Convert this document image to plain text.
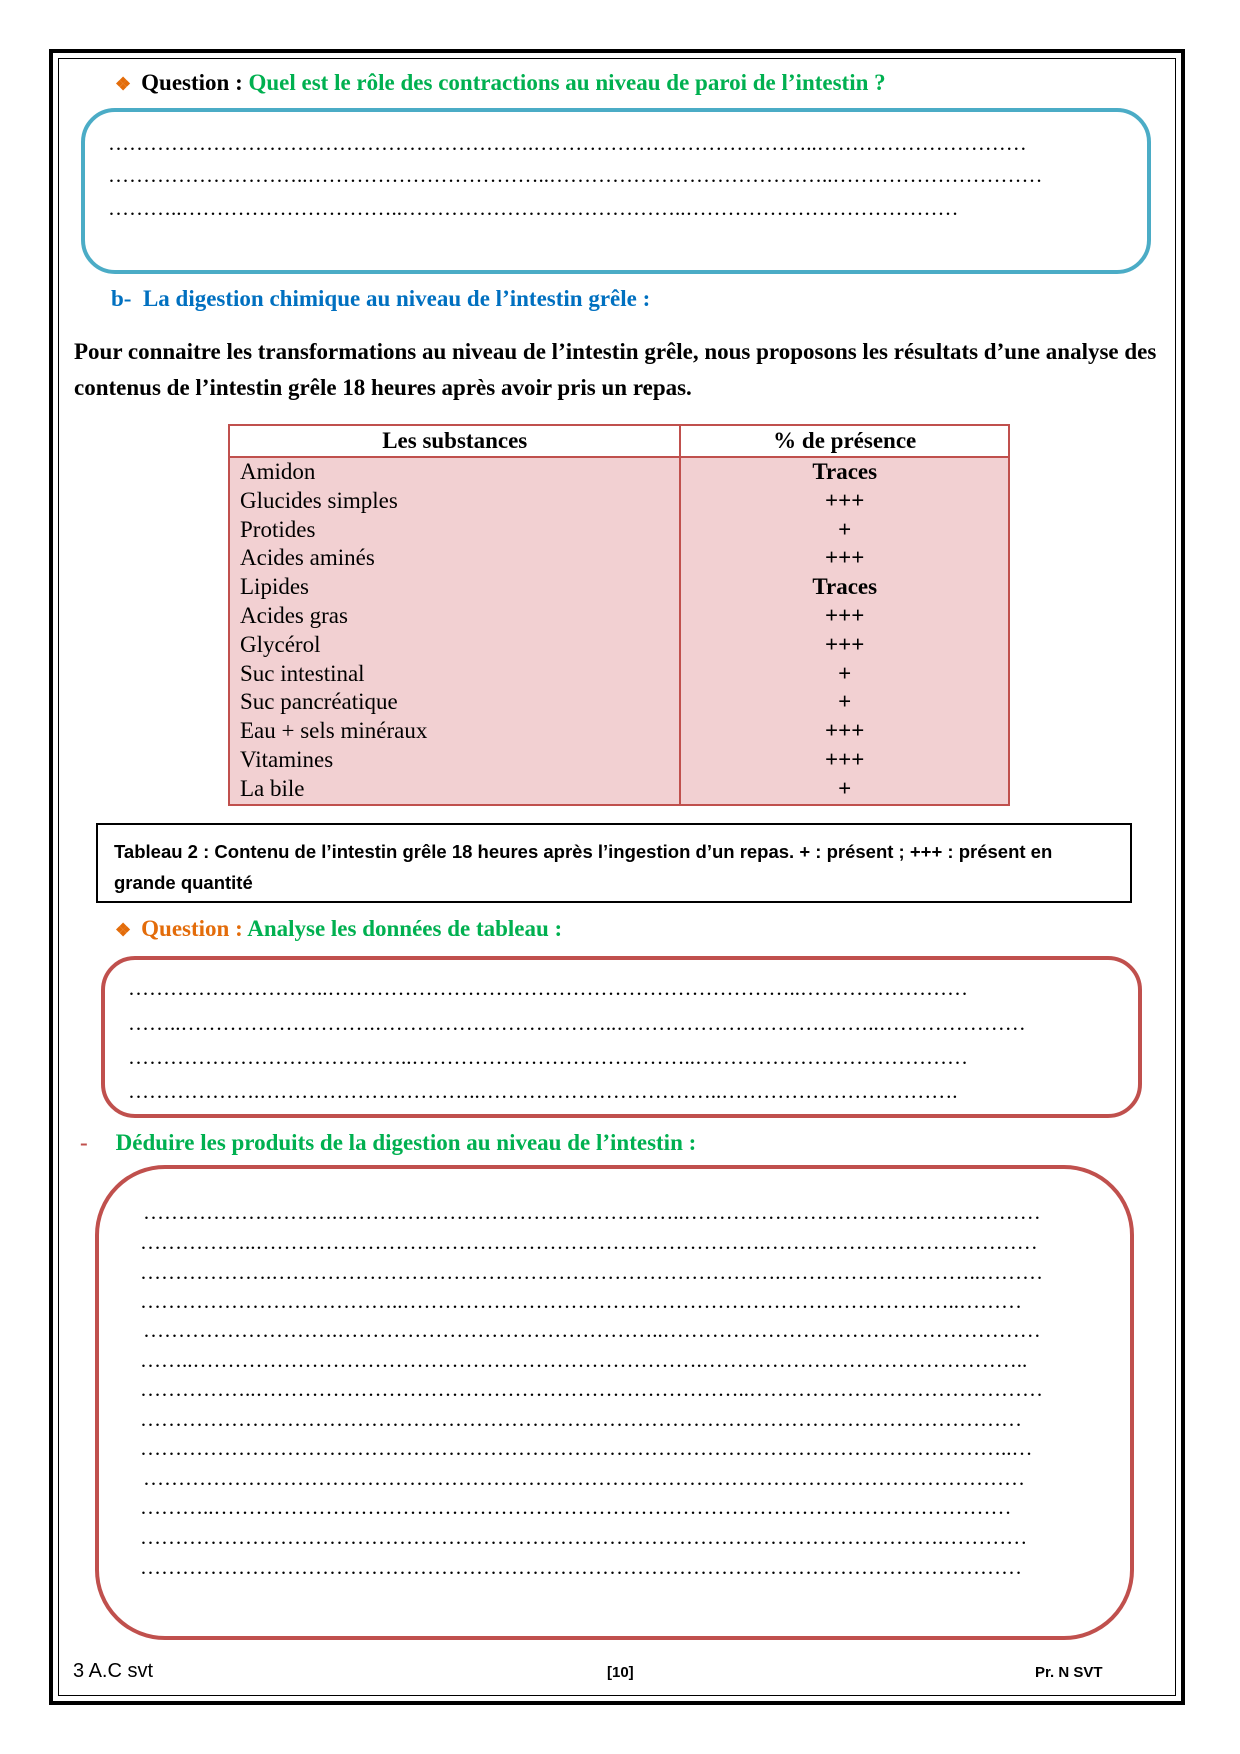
❖ Question : Quel est le rôle des contractions au niveau de paroi de l’intestin ?
…………………………………………………….…………………………………..…………………………
………………………..……………………………..…………………………………..…………………………
………..…………………………..…………………………………..…………………………………
b- La digestion chimique au niveau de l’intestin grêle :
Pour connaitre les transformations au niveau de l’intestin grêle, nous proposons les résultats d’une analyse des contenus de l’intestin grêle 18 heures après avoir pris un repas.
Les substances	% de présence
Amidon	Traces
Glucides simples	+++
Protides	+
Acides aminés	+++
Lipides	Traces
Acides gras	+++
Glycérol	+++
Suc intestinal	+
Suc pancréatique	+
Eau + sels minéraux	+++
Vitamines	+++
La bile	+
Tableau 2 : Contenu de l’intestin grêle 18 heures après l’ingestion d’un repas. + : présent ; +++ : présent en grande quantité
❖ Question : Analyse les données de tableau :
………………………..…………………………………………………………..……………………
……..……………………….……………………………..………………………………..…………………
…………………………………..…………………………………..…………………………………
……………….…………………………..……………………………..…………………………….
- Déduire les produits de la digestion au niveau de l’intestin :
……………………….…………………………………………..……………………………………………
……………..……………………………………………………………….…………………………………
……………….……………………………………………………………….………………………..………
………………………………..……………………………………………………………………..………
……………………….………………………………………..………………………………………………
……..……………………………………………………………….………………………………………..
……………..……………………………………………………………..……………………………………
………………………………………………………………………………………………………………
……………………………………………………………………………………………………………..…
………………………………………………………………………………………………………………
………..……………………………………………………………………………………………………
…………………………………………………………………………………………………….…………
………………………………………………………………………………………………………………
3 A.C svt	[10]	Pr. N SVT
